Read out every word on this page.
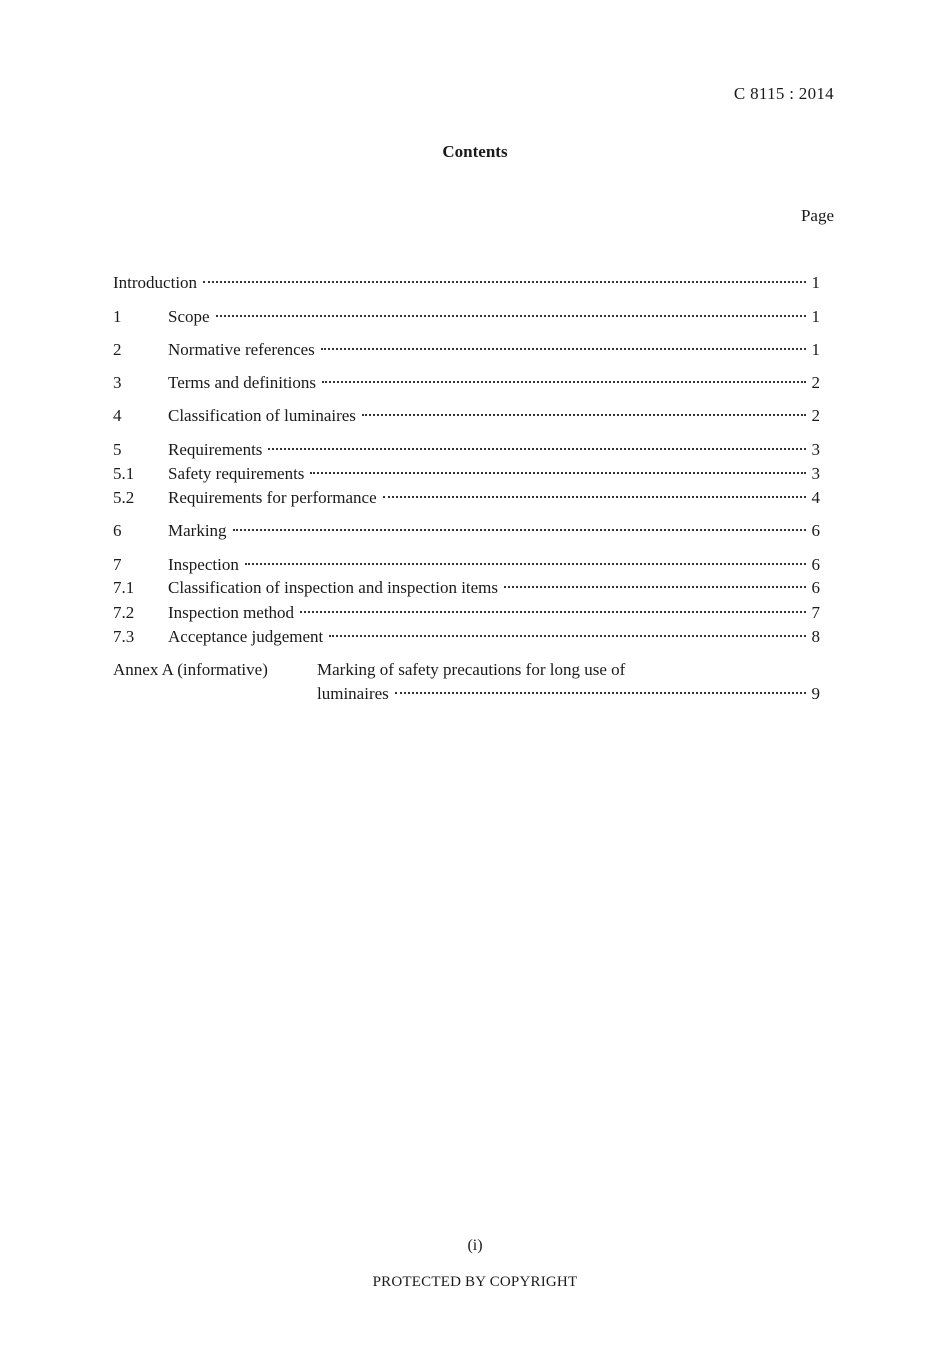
C 8115 : 2014
Contents
Page
Introduction	1
1	Scope	1
2	Normative references	1
3	Terms and definitions	2
4	Classification of luminaires	2
5	Requirements	3
5.1	Safety requirements	3
5.2	Requirements for performance	4
6	Marking	6
7	Inspection	6
7.1	Classification of inspection and inspection items	6
7.2	Inspection method	7
7.3	Acceptance judgement	8
Annex A (informative)	Marking of safety precautions for long use of
luminaires	9
(i)
PROTECTED BY COPYRIGHT
